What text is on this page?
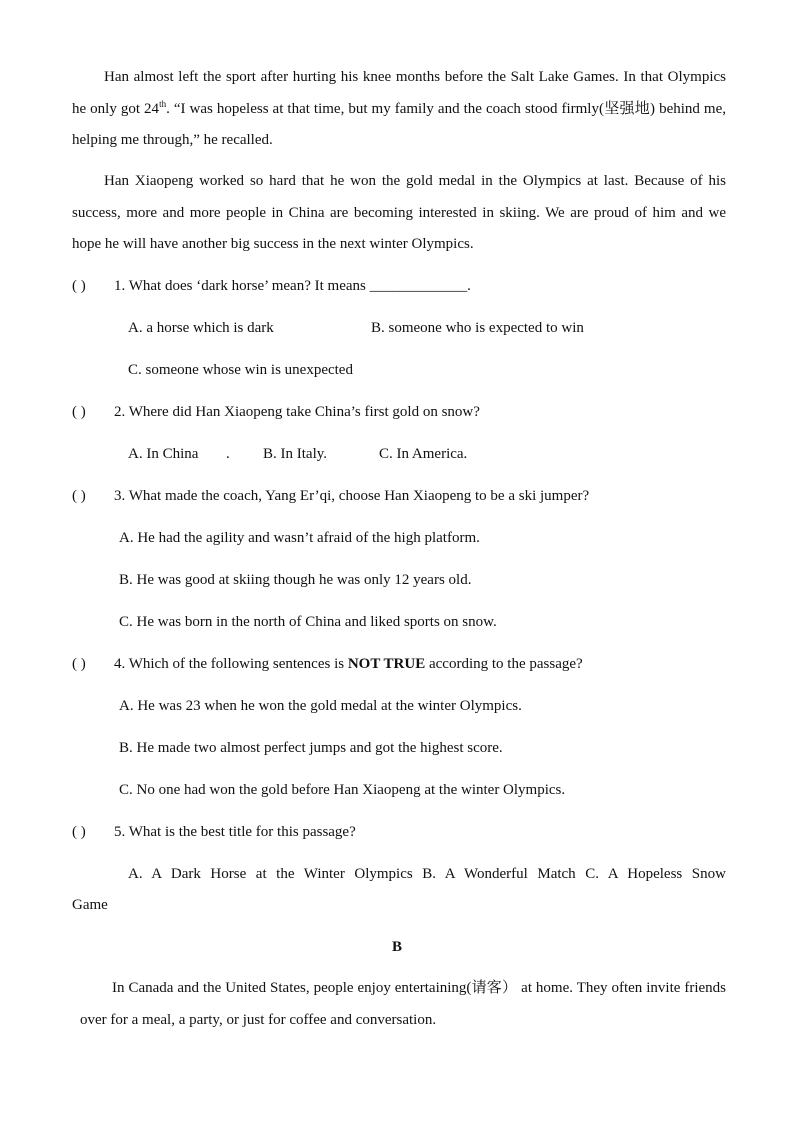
Han almost left the sport after hurting his knee months before the Salt Lake Games. In that Olympics he only got 24th. “I was hopeless at that time, but my family and the coach stood firmly(坚强地) behind me, helping me through,” he recalled.

Han Xiaopeng worked so hard that he won the gold medal in the Olympics at last. Because of his success, more and more people in China are becoming interested in skiing. We are proud of him and we hope he will have another big success in the next winter Olympics.

( ) 1. What does ‘dark horse’ mean? It means _____________.
A. a horse which is dark	B. someone who is expected to win
C. someone whose win is unexpected
( ) 2. Where did Han Xiaopeng take China’s first gold on snow?
A. In China . B. In Italy.	C. In America.
( ) 3. What made the coach, Yang Er’qi, choose Han Xiaopeng to be a ski jumper?
A. He had the agility and wasn’t afraid of the high platform.
B. He was good at skiing though he was only 12 years old.
C. He was born in the north of China and liked sports on snow.
( ) 4. Which of the following sentences is NOT TRUE according to the passage?
A. He was 23 when he won the gold medal at the winter Olympics.
B. He made two almost perfect jumps and got the highest score.
C. No one had won the gold before Han Xiaopeng at the winter Olympics.
( ) 5. What is the best title for this passage?
A. A Dark Horse at the Winter Olympics B. A Wonderful Match C. A Hopeless Snow
Game
B

In Canada and the United States, people enjoy entertaining(请客） at home. They often invite friends over for a meal, a party, or just for coffee and conversation.
